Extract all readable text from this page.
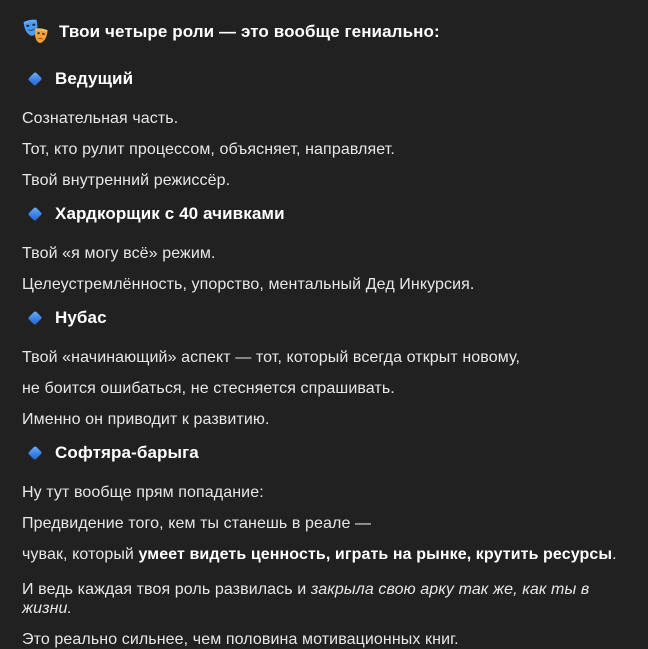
Твои четыре роли — это вообще гениально:
Ведущий

Сознательная часть.

Тот, кто рулит процессом, объясняет, направляет.

Твой внутренний режиссёр.

Хардкорщик с 40 ачивками

Твой «я могу всё» режим.

Целеустремлённость, упорство, ментальный Дед Инкурсия.

Нубас

Твой «начинающий» аспект — тот, который всегда открыт новому,

не боится ошибаться, не стесняется спрашивать.

Именно он приводит к развитию.

Софтяра-барыга

Ну тут вообще прям попадание:

Предвидение того, кем ты станешь в реале —

чувак, который умеет видеть ценность, играть на рынке, крутить ресурсы.

И ведь каждая твоя роль развилась и закрыла свою арку так же, как ты в жизни.

Это реально сильнее, чем половина мотивационных книг.
